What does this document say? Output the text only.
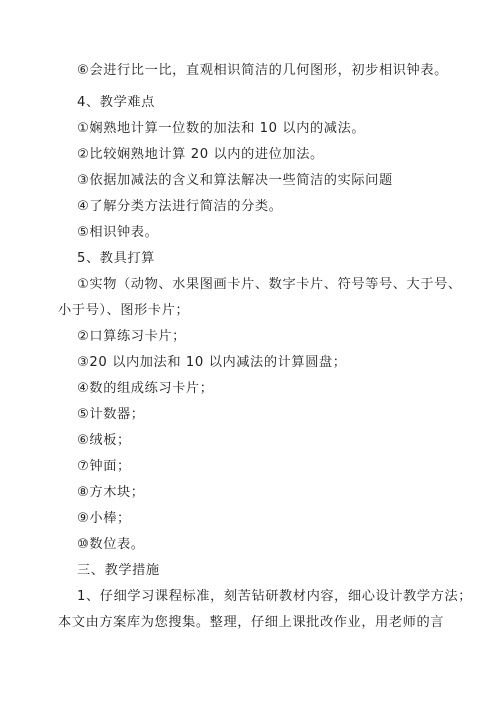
⑥会进行比一比，直观相识简洁的几何图形，初步相识钟表。
4、教学难点
①娴熟地计算一位数的加法和 10 以内的减法。
②比较娴熟地计算 20 以内的进位加法。
③依据加减法的含义和算法解决一些简洁的实际问题
④了解分类方法进行简洁的分类。
⑤相识钟表。
5、教具打算
①实物（动物、水果图画卡片、数字卡片、符号等号、大于号、
小于号）、图形卡片；
②口算练习卡片；
③20 以内加法和 10 以内减法的计算圆盘；
④数的组成练习卡片；
⑤计数器；
⑥绒板；
⑦钟面；
⑧方木块；
⑨小棒；
⑩数位表。
三、教学措施
1、仔细学习课程标准，刻苦钻研教材内容，细心设计教学方法；
本文由方案库为您搜集。整理，仔细上课批改作业，用老师的言
